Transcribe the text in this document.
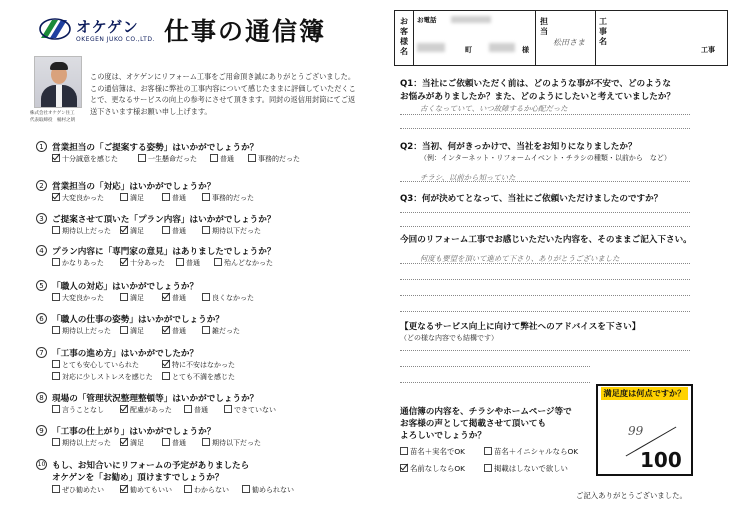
オケゲン
OKEGEN JUKO CO.,LTD. 仕事の通信簿
株式会社オケゲン住工
代表取締役　桶村之朗
この度は、オケゲンにリフォーム工事をご用命頂き誠にありがとうございました。この通信簿は、お客様に弊社の工事内容について感じたままに評価していただくことで、更なるサービスの向上の参考にさせて頂きます。同封の返信用封筒にてご返送下さいます様お願い申し上げます。
1 営業担当の「ご提案する姿勢」はいかがでしょうか？
十分誠意を感じた	一生懸命だった	普通	事務的だった
2 営業担当の「対応」はいかがでしょうか？
大変良かった	満足	普通	事務的だった
3 ご提案させて頂いた「プラン内容」はいかがでしょうか？
期待以上だった	満足	普通	期待以下だった
4 プラン内容に「専門家の意見」はありましたでしょうか？
かなりあった	十分あった	普通	殆んどなかった
5 「職人の対応」はいかがでしょうか？
大変良かった	満足	普通	良くなかった
6 「職人の仕事の姿勢」はいかがでしょうか？
期待以上だった	満足	普通	雑だった
7 「工事の進め方」はいかがでしたか？
とても安心していられた	特に不安はなかった
対応に少しストレスを感じた	とても不満を感じた
8 現場の「管理状況整理整頓等」はいかがでしょうか？
言うことなし	配慮があった	普通	できていない
9 「工事の仕上がり」はいかがでしょうか？
期待以上だった	満足	普通	期待以下だった
10 もし、お知合いにリフォームの予定がありましたら
オケゲンを「お勧め」頂けますでしょうか？
ぜひ勧めたい	勧めてもいい	わからない	勧められない
お客様名
お電話
町	様
担当
松田さま
工事名
工事
Q1：当社にご依頼いただく前は、どのような事が不安で、どのような
お悩みがありましたか？また、どのようにしたいと考えていましたか？
古くなっていて、いつ故障するか心配だった
Q2：当初、何がきっかけで、当社をお知りになりましたか？
（例：インターネット・リフォームイベント・チラシの種類・以前から　など）
チラシ、以前から知っていた
Q3：何が決めてとなって、当社にご依頼いただけましたのですか？
今回のリフォーム工事でお感じいただいた内容を、そのままご記入下さい。
何度も要望を頂いて進めて下さり、ありがとうございました
【更なるサービス向上に向けて弊社へのアドバイスを下さい】
（どの様な内容でも結構です）
通信簿の内容を、チラシやホームページ等で
お客様の声として掲載させて頂いても
よろしいでしょうか？
苗名＋実名でOK	苗名＋イニシャルならOK
名前なしならOK	掲載はしないで欲しい
満足度は何点ですか？
99
100
ご記入ありがとうございました。
